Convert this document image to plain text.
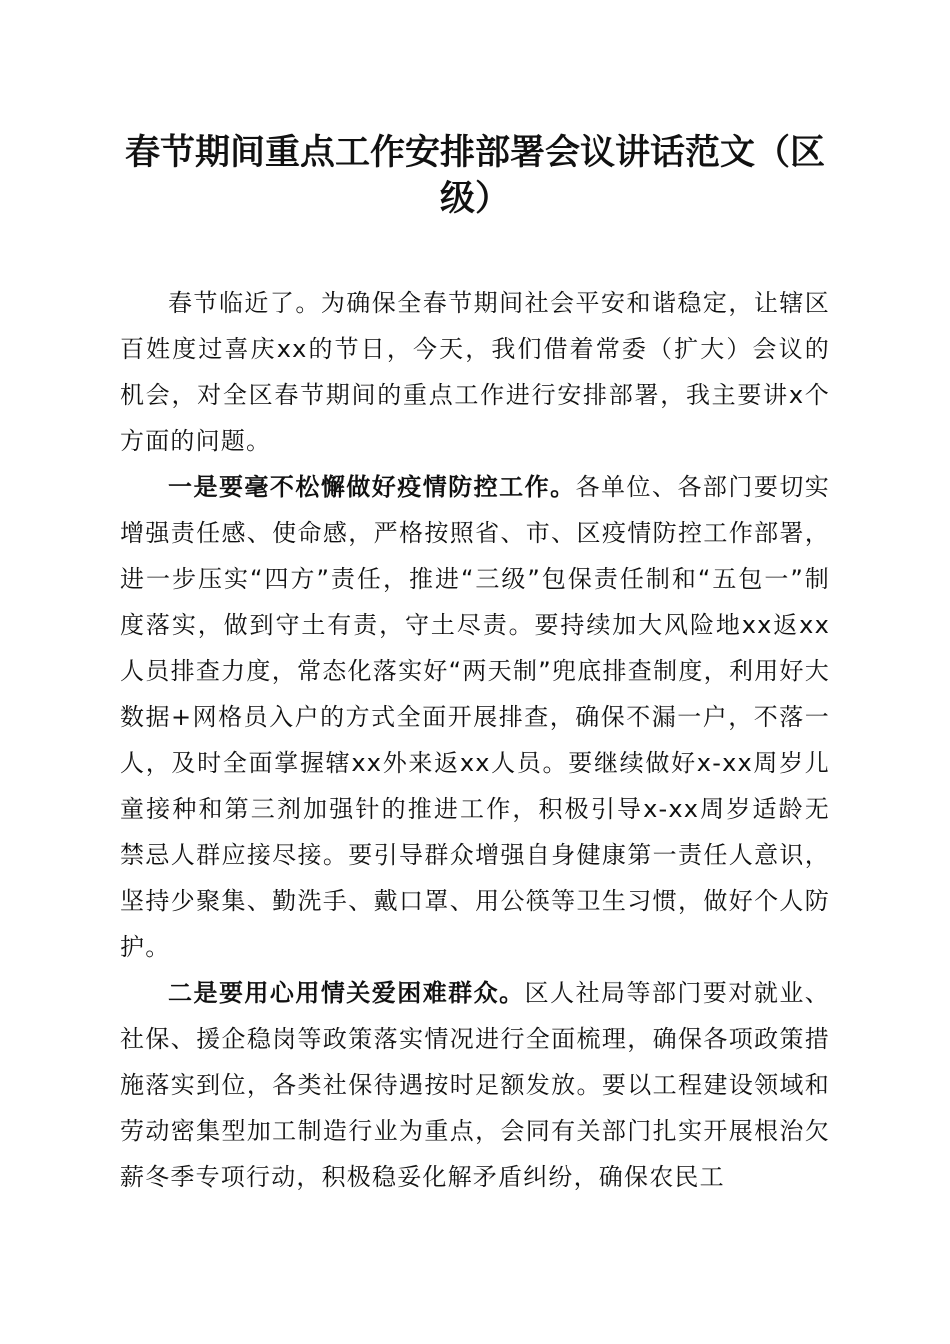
春节期间重点工作安排部署会议讲话范文（区级）

春节临近了。为确保全春节期间社会平安和谐稳定，让辖区百姓度过喜庆xx的节日，今天，我们借着常委（扩大）会议的机会，对全区春节期间的重点工作进行安排部署，我主要讲x个方面的问题。

一是要毫不松懈做好疫情防控工作。各单位、各部门要切实增强责任感、使命感，严格按照省、市、区疫情防控工作部署，进一步压实“四方”责任，推进“三级”包保责任制和“五包一”制度落实，做到守土有责，守土尽责。要持续加大风险地xx返xx人员排查力度，常态化落实好“两天制”兜底排查制度，利用好大数据+网格员入户的方式全面开展排查，确保不漏一户，不落一人，及时全面掌握辖xx外来返xx人员。要继续做好x-xx周岁儿童接种和第三剂加强针的推进工作，积极引导x-xx周岁适龄无禁忌人群应接尽接。要引导群众增强自身健康第一责任人意识，坚持少聚集、勤洗手、戴口罩、用公筷等卫生习惯，做好个人防护。

二是要用心用情关爱困难群众。区人社局等部门要对就业、社保、援企稳岗等政策落实情况进行全面梳理，确保各项政策措施落实到位，各类社保待遇按时足额发放。要以工程建设领域和劳动密集型加工制造行业为重点，会同有关部门扎实开展根治欠薪冬季专项行动，积极稳妥化解矛盾纠纷，确保农民工
